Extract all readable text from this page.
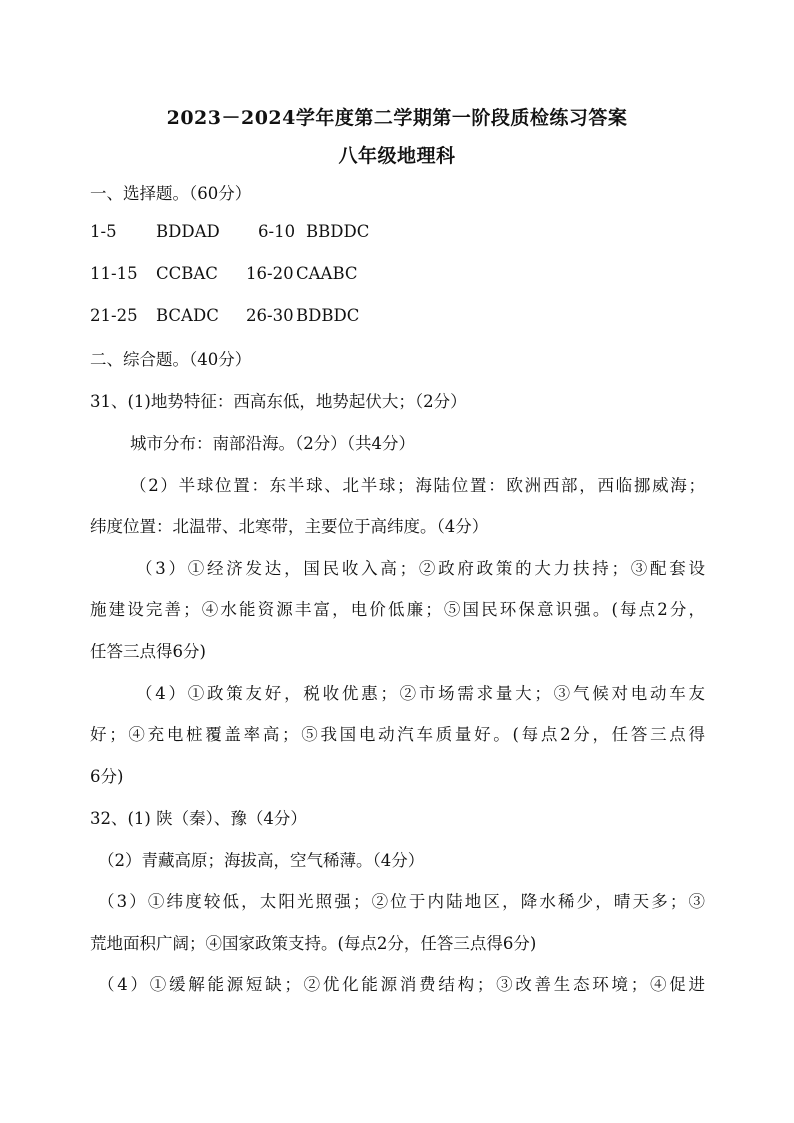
2023－2024学年度第二学期第一阶段质检练习答案
八年级地理科
一、选择题。（60分）
1-5 BDDAD 6-10 BBDDC
11-15 CCBAC 16-20 CAABC
21-25 BCADC 26-30 BDBDC
二、综合题。（40分）
31、(1)地势特征：西高东低，地势起伏大；（2分）
城市分布：南部沿海。（2分）（共4分）
（2）半球位置：东半球、北半球；海陆位置：欧洲西部，西临挪威海；
纬度位置：北温带、北寒带，主要位于高纬度。（4分）
（3）①经济发达，国民收入高；②政府政策的大力扶持；③配套设
施建设完善；④水能资源丰富，电价低廉；⑤国民环保意识强。(每点2分，
任答三点得6分)
（4）①政策友好，税收优惠；②市场需求量大；③气候对电动车友
好；④充电桩覆盖率高；⑤我国电动汽车质量好。(每点2分，任答三点得
6分)
32、(1) 陕（秦）、豫（4分）
（2）青藏高原；海拔高，空气稀薄。（4分）
（3）①纬度较低，太阳光照强；②位于内陆地区，降水稀少，晴天多；③
荒地面积广阔；④国家政策支持。(每点2分，任答三点得6分)
（4）①缓解能源短缺；②优化能源消费结构；③改善生态环境；④促进
